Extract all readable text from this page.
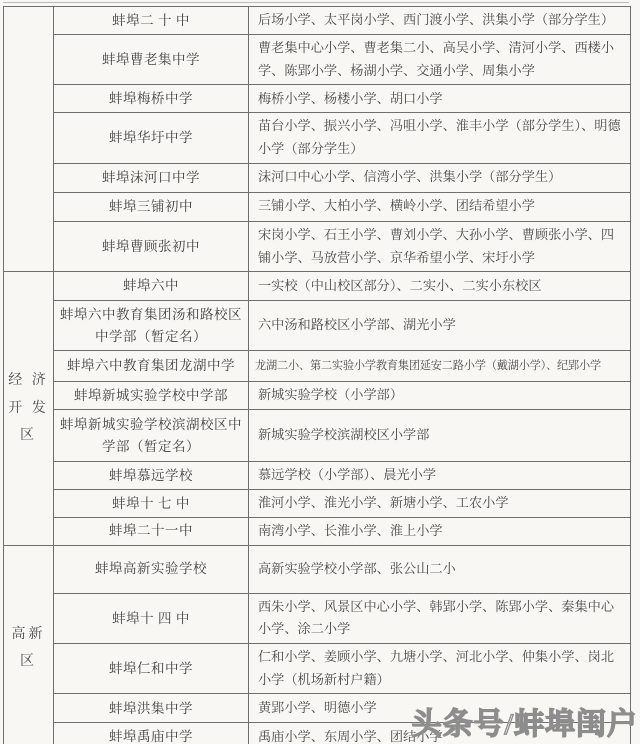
	蚌埠二 十 中	后场小学、太平岗小学、西门渡小学、洪集小学（部分学生）
	蚌埠曹老集中学	曹老集中心小学、曹老集二小、高吴小学、清河小学、西楼小学、陈郢小学、杨湖小学、交通小学、周集小学
	蚌埠梅桥中学	梅桥小学、杨楼小学、胡口小学
	蚌埠华圩中学	苗台小学、振兴小学、冯咀小学、淮丰小学（部分学生）、明德小学（部分学生）
	蚌埠沫河口中学	沫河口中心小学、信湾小学、洪集小学（部分学生）
	蚌埠三铺初中	三铺小学、大柏小学、横岭小学、团结希望小学
	蚌埠曹顾张初中	宋岗小学、石王小学、曹刘小学、大孙小学、曹顾张小学、四铺小学、马放营小学、京华希望小学、宋圩小学

经 济
开 发
区	蚌埠六中	一实校（中山校区部分）、二实小、二实小东校区
	蚌埠六中教育集团汤和路校区中学部（暂定名）	六中汤和路校区小学部、湖光小学
	蚌埠六中教育集团龙湖中学	龙湖二小、第二实验小学教育集团延安二路小学（戴湖小学）、纪郢小学
	蚌埠新城实验学校中学部	新城实验学校（小学部）
	蚌埠新城实验学校滨湖校区中学部（暂定名）	新城实验学校滨湖校区小学部
	蚌埠慕远学校	慕远学校（小学部）、晨光小学
	蚌埠十 七 中	淮河小学、淮光小学、新塘小学、工农小学
	蚌埠二十一中	南湾小学、长淮小学、淮上小学

高新
区	蚌埠高新实验学校	高新实验学校小学部、张公山二小
	蚌埠十 四 中	西朱小学、风景区中心小学、韩郢小学、陈郢小学、秦集中心小学、涂二小学
	蚌埠仁和中学	仁和小学、姜顾小学、九塘小学、河北小学、仲集小学、岗北小学（机场新村户籍）
	蚌埠洪集中学	黄郢小学、明德小学
	蚌埠禹庙中学	禹庙小学、东周小学、团结小学
头条号/蚌埠闺户
